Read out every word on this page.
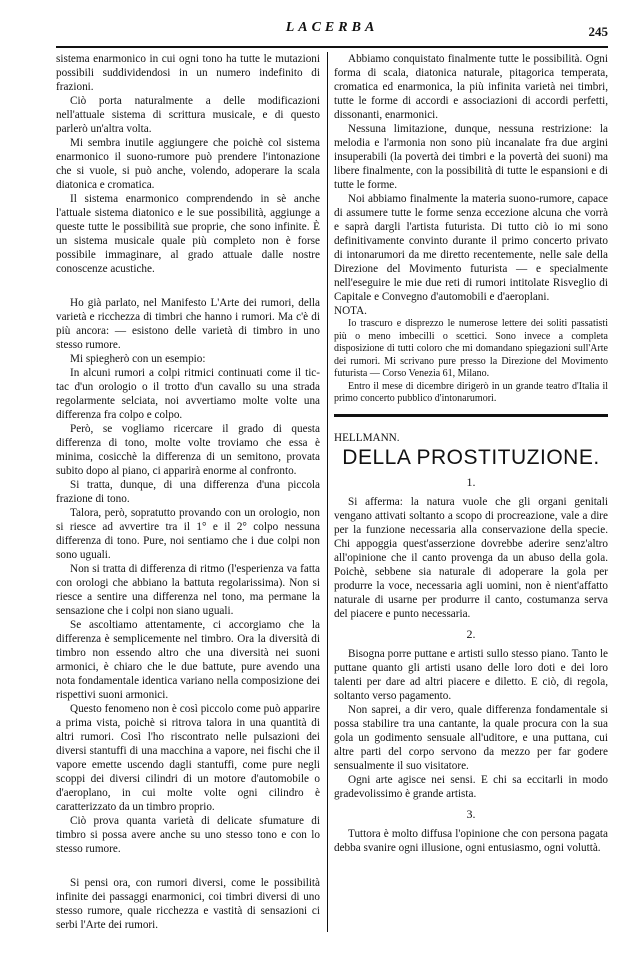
LACERBA	245

sistema enarmonico in cui ogni tono ha tutte le mutazioni possibili suddividendosi in un numero indefinito di frazioni.

Ciò porta naturalmente a delle modificazioni nell'attuale sistema di scrittura musicale, e di questo parlerò un'altra volta.

Mi sembra inutile aggiungere che poichè col sistema enarmonico il suono-rumore può prendere l'intonazione che si vuole, si può anche, volendo, adoperare la scala diatonica e cromatica.

Il sistema enarmonico comprendendo in sè anche l'attuale sistema diatonico e le sue possibilità, aggiunge a queste tutte le possibilità sue proprie, che sono infinite. È un sistema musicale quale più completo non è forse possibile immaginare, al grado attuale dalle nostre conoscenze acustiche.

Ho già parlato, nel Manifesto L'Arte dei rumori, della varietà e ricchezza di timbri che hanno i rumori. Ma c'è di più ancora: — esistono delle varietà di timbro in uno stesso rumore.

Mi spiegherò con un esempio:

In alcuni rumori a colpi ritmici continuati come il tic-tac d'un orologio o il trotto d'un cavallo su una strada regolarmente selciata, noi avvertiamo molte volte una differenza fra colpo e colpo.

Però, se vogliamo ricercare il grado di questa differenza di tono, molte volte troviamo che essa è minima, cosicchè la differenza di un semitono, provata subito dopo al piano, ci apparirà enorme al confronto.

Si tratta, dunque, di una differenza d'una piccola frazione di tono.

Talora, però, sopratutto provando con un orologio, non si riesce ad avvertire tra il 1° e il 2° colpo nessuna differenza di tono. Pure, noi sentiamo che i due colpi non sono uguali.

Non si tratta di differenza di ritmo (l'esperienza va fatta con orologi che abbiano la battuta regolarissima). Non si riesce a sentire una differenza nel tono, ma permane la sensazione che i colpi non siano uguali.

Se ascoltiamo attentamente, ci accorgiamo che la differenza è semplicemente nel timbro. Ora la diversità di timbro non essendo altro che una diversità nei suoni armonici, è chiaro che le due battute, pure avendo una nota fondamentale identica variano nella composizione dei rispettivi suoni armonici.

Questo fenomeno non è così piccolo come può apparire a prima vista, poichè si ritrova talora in una quantità di altri rumori. Così l'ho riscontrato nelle pulsazioni dei diversi stantuffi di una macchina a vapore, nei fischi che il vapore emette uscendo dagli stantuffi, come pure negli scoppi dei diversi cilindri di un motore d'automobile o d'aeroplano, in cui molte volte ogni cilindro è caratterizzato da un timbro proprio.

Ciò prova quanta varietà di delicate sfumature di timbro si possa avere anche su uno stesso tono e con lo stesso rumore.

Si pensi ora, con rumori diversi, come le possibilità infinite dei passaggi enarmonici, coi timbri diversi di uno stesso rumore, quale ricchezza e vastità di sensazioni ci serbi l'Arte dei rumori.

Abbiamo conquistato finalmente tutte le possibilità. Ogni forma di scala, diatonica naturale, pitagorica temperata, cromatica ed enarmonica, la più infinita varietà nei timbri, tutte le forme di accordi e associazioni di accordi perfetti, dissonanti, enarmonici.

Nessuna limitazione, dunque, nessuna restrizione: la melodia e l'armonia non sono più incanalate fra due argini insuperabili (la povertà dei timbri e la povertà dei suoni) ma libere finalmente, con la possibilità di tutte le espansioni e di tutte le forme.

Noi abbiamo finalmente la materia suono-rumore, capace di assumere tutte le forme senza eccezione alcuna che vorrà e saprà dargli l'artista futurista. Di tutto ciò io mi sono definitivamente convinto durante il primo concerto privato di intonarumori da me diretto recentemente, nelle sale della Direzione del Movimento futurista — e specialmente nell'eseguire le mie due reti di rumori intitolate Risveglio di Capitale e Convegno d'automobili e d'aeroplani.

NOTA.

Io trascuro e disprezzo le numerose lettere dei soliti passatisti più o meno imbecilli o scettici. Sono invece a completa disposizione di tutti coloro che mi domandano spiegazioni sull'Arte dei rumori. Mi scrivano pure presso la Direzione del Movimento futurista — Corso Venezia 61, Milano.

Entro il mese di dicembre dirigerò in un grande teatro d'Italia il primo concerto pubblico d'intonarumori.

HELLMANN.
DELLA PROSTITUZIONE.
1.

Si afferma: la natura vuole che gli organi genitali vengano attivati soltanto a scopo di procreazione, vale a dire per la funzione necessaria alla conservazione della specie. Chi appoggia quest'asserzione dovrebbe aderire senz'altro all'opinione che il canto provenga da un abuso della gola. Poichè, sebbene sia naturale di adoperare la gola per produrre la voce, necessaria agli uomini, non è nient'affatto naturale di usarne per produrre il canto, costumanza serva del piacere e punto necessaria.

2.

Bisogna porre puttane e artisti sullo stesso piano. Tanto le puttane quanto gli artisti usano delle loro doti e dei loro talenti per dare ad altri piacere e diletto. E ciò, di regola, soltanto verso pagamento.

Non saprei, a dir vero, quale differenza fondamentale si possa stabilire tra una cantante, la quale procura con la sua gola un godimento sensuale all'uditore, e una puttana, cui altre parti del corpo servono da mezzo per far godere sensualmente il suo visitatore.

Ogni arte agisce nei sensi. E chi sa eccitarli in modo gradevolissimo è grande artista.

3.

Tuttora è molto diffusa l'opinione che con persona pagata debba svanire ogni illusione, ogni entusiasmo, ogni voluttà.
